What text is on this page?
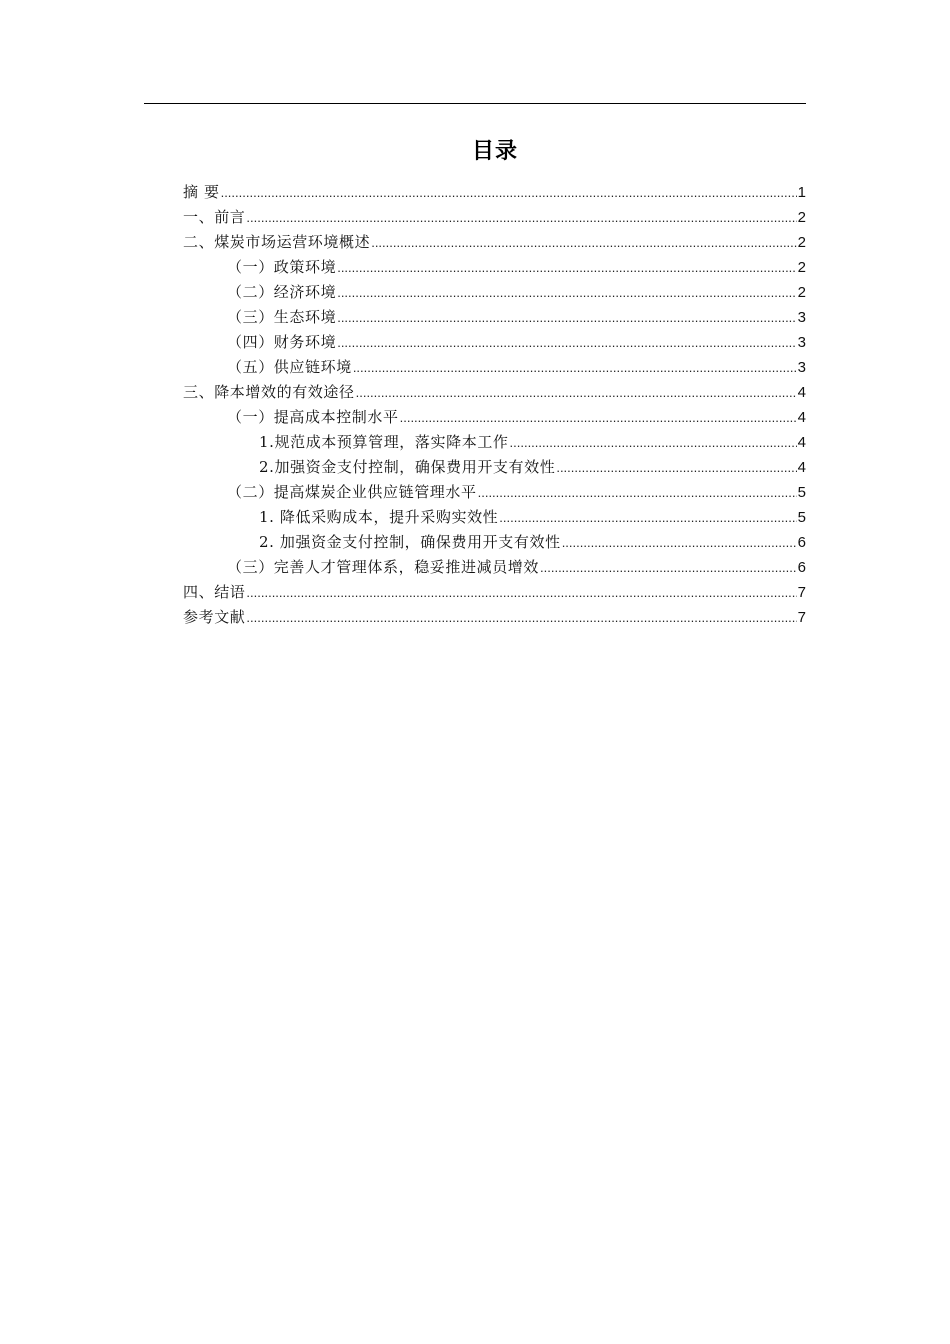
目录
摘 要 .....	1
一、前言 .....	2
二、煤炭市场运营环境概述 .....	2
（一）政策环境 .....	2
（二）经济环境 .....	2
（三）生态环境 .....	3
（四）财务环境 .....	3
（五）供应链环境 .....	3
三、降本增效的有效途径 .....	4
（一）提高成本控制水平 .....	4
1.规范成本预算管理，落实降本工作 .....	4
2.加强资金支付控制，确保费用开支有效性 .....	4
（二）提高煤炭企业供应链管理水平 .....	5
1. 降低采购成本，提升采购实效性 .....	5
2. 加强资金支付控制，确保费用开支有效性 .....	6
（三）完善人才管理体系，稳妥推进减员增效 .....	6
四、结语 .....	7
参考文献 .....	7
